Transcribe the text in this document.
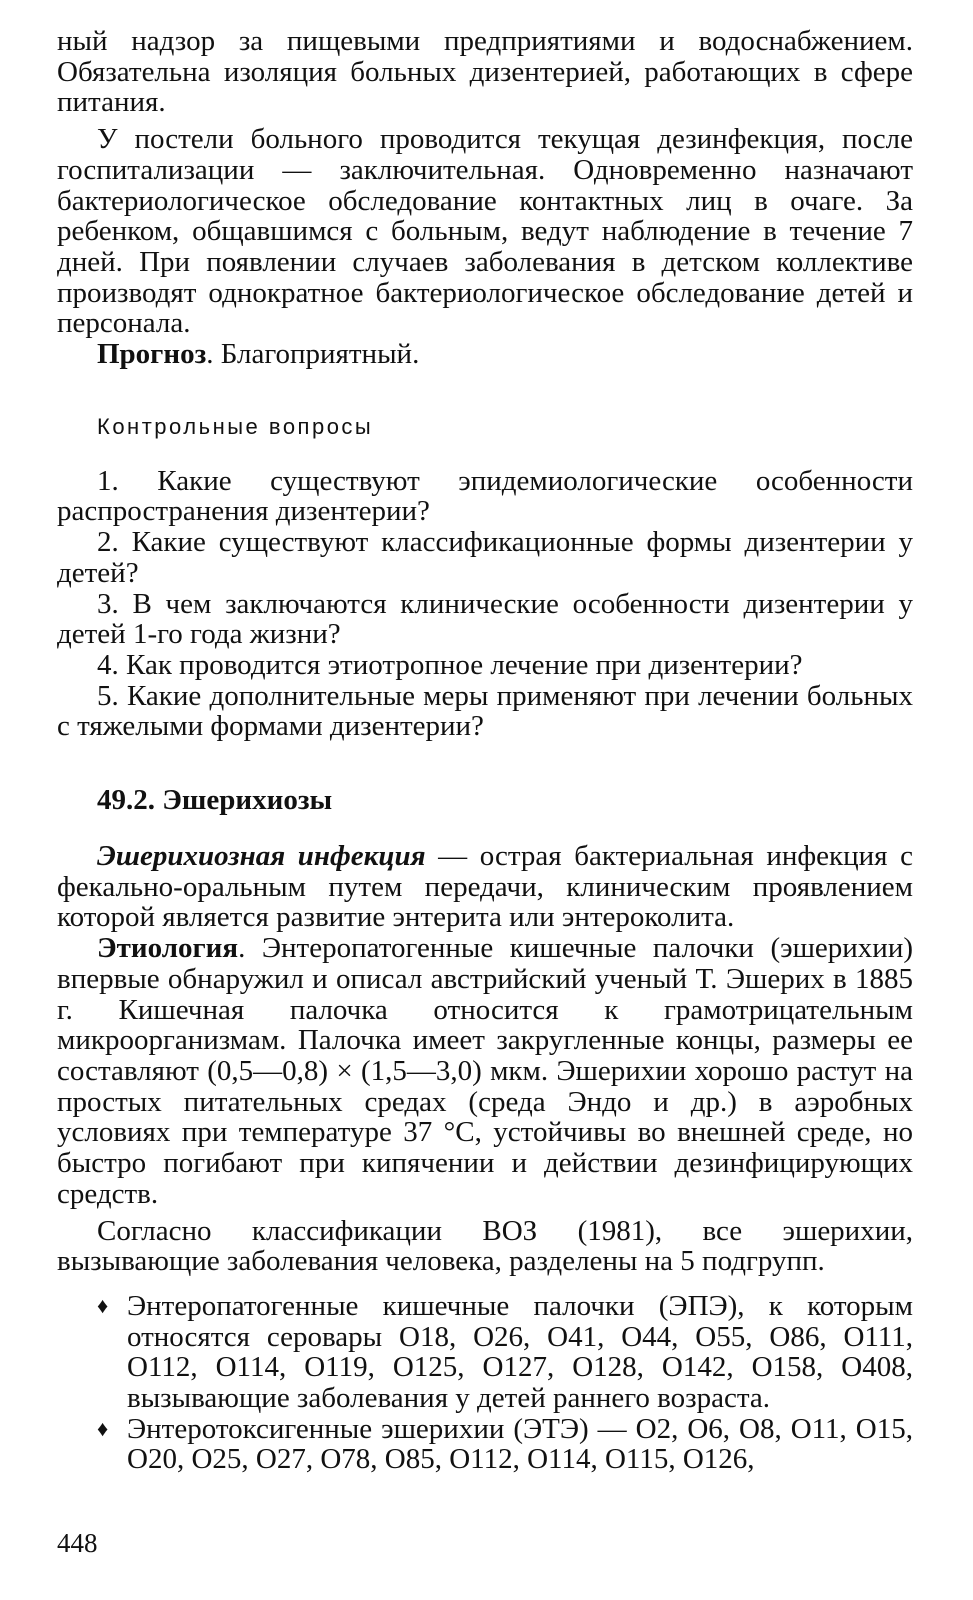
ный надзор за пищевыми предприятиями и водоснабжением. Обязательна изоляция больных дизентерией, работающих в сфере питания.

У постели больного проводится текущая дезинфекция, после госпитализации — заключительная. Одновременно назначают бактериологическое обследование контактных лиц в очаге. За ребенком, общавшимся с больным, ведут наблюдение в течение 7 дней. При появлении случаев заболевания в детском коллективе производят однократное бактериологическое обследование детей и персонала.

Прогноз. Благоприятный.

Контрольные вопросы

1. Какие существуют эпидемиологические особенности распространения дизентерии?

2. Какие существуют классификационные формы дизентерии у детей?

3. В чем заключаются клинические особенности дизентерии у детей 1-го года жизни?

4. Как проводится этиотропное лечение при дизентерии?

5. Какие дополнительные меры применяют при лечении больных с тяжелыми формами дизентерии?

49.2. Эшерихиозы

Эшерихиозная инфекция — острая бактериальная инфекция с фекально-оральным путем передачи, клиническим проявлением которой является развитие энтерита или энтероколита.

Этиология. Энтеропатогенные кишечные палочки (эшерихии) впервые обнаружил и описал австрийский ученый Т. Эшерих в 1885 г. Кишечная палочка относится к грамотрицательным микроорганизмам. Палочка имеет закругленные концы, размеры ее составляют (0,5—0,8) × (1,5—3,0) мкм. Эшерихии хорошо растут на простых питательных средах (среда Эндо и др.) в аэробных условиях при температуре 37 °С, устойчивы во внешней среде, но быстро погибают при кипячении и действии дезинфицирующих средств.

Согласно классификации ВОЗ (1981), все эшерихии, вызывающие заболевания человека, разделены на 5 подгрупп.

♦ Энтеропатогенные кишечные палочки (ЭПЭ), к которым относятся серовары О18, О26, О41, О44, О55, О86, О111, О112, О114, О119, О125, О127, О128, О142, О158, О408, вызывающие заболевания у детей раннего возраста.
♦ Энтеротоксигенные эшерихии (ЭТЭ) — О2, О6, О8, О11, О15, О20, О25, О27, О78, О85, О112, О114, О115, О126,
448
